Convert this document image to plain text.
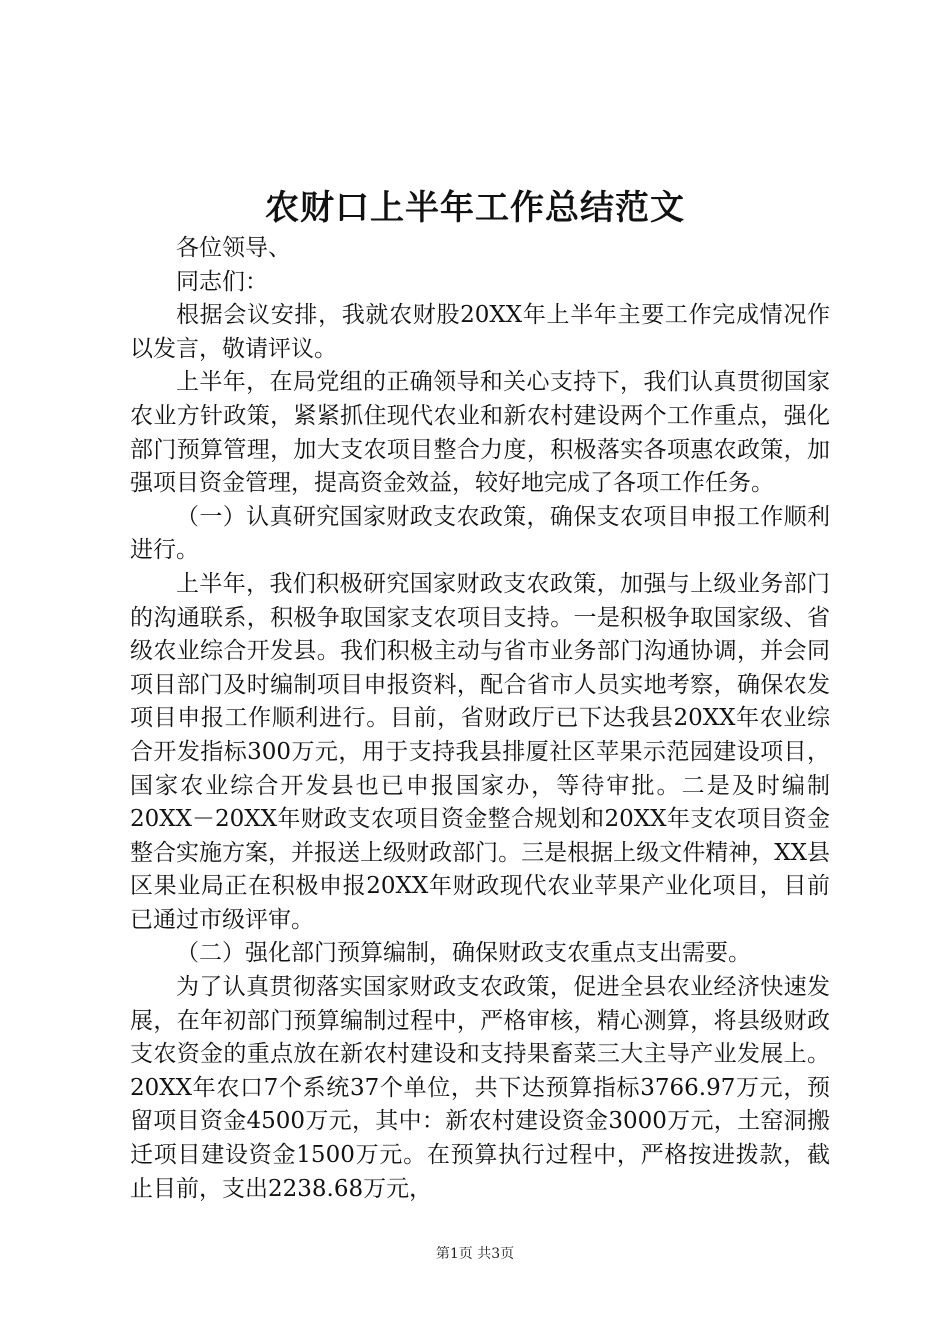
农财口上半年工作总结范文

各位领导、

同志们：

根据会议安排，我就农财股20XX年上半年主要工作完成情况作以发言，敬请评议。

上半年，在局党组的正确领导和关心支持下，我们认真贯彻国家农业方针政策，紧紧抓住现代农业和新农村建设两个工作重点，强化部门预算管理，加大支农项目整合力度，积极落实各项惠农政策，加强项目资金管理，提高资金效益，较好地完成了各项工作任务。

（一）认真研究国家财政支农政策，确保支农项目申报工作顺利进行。

上半年，我们积极研究国家财政支农政策，加强与上级业务部门的沟通联系，积极争取国家支农项目支持。一是积极争取国家级、省级农业综合开发县。我们积极主动与省市业务部门沟通协调，并会同项目部门及时编制项目申报资料，配合省市人员实地考察，确保农发项目申报工作顺利进行。目前，省财政厅已下达我县20XX年农业综合开发指标300万元，用于支持我县排厦社区苹果示范园建设项目，国家农业综合开发县也已申报国家办，等待审批。二是及时编制20XX－20XX年财政支农项目资金整合规划和20XX年支农项目资金整合实施方案，并报送上级财政部门。三是根据上级文件精神，XX县区果业局正在积极申报20XX年财政现代农业苹果产业化项目，目前已通过市级评审。

（二）强化部门预算编制，确保财政支农重点支出需要。

为了认真贯彻落实国家财政支农政策，促进全县农业经济快速发展，在年初部门预算编制过程中，严格审核，精心测算，将县级财政支农资金的重点放在新农村建设和支持果畜菜三大主导产业发展上。20XX年农口7个系统37个单位，共下达预算指标3766.97万元，预留项目资金4500万元，其中：新农村建设资金3000万元，土窑洞搬迁项目建设资金1500万元。在预算执行过程中，严格按进拨款，截止目前，支出2238.68万元，

第1页 共3页
